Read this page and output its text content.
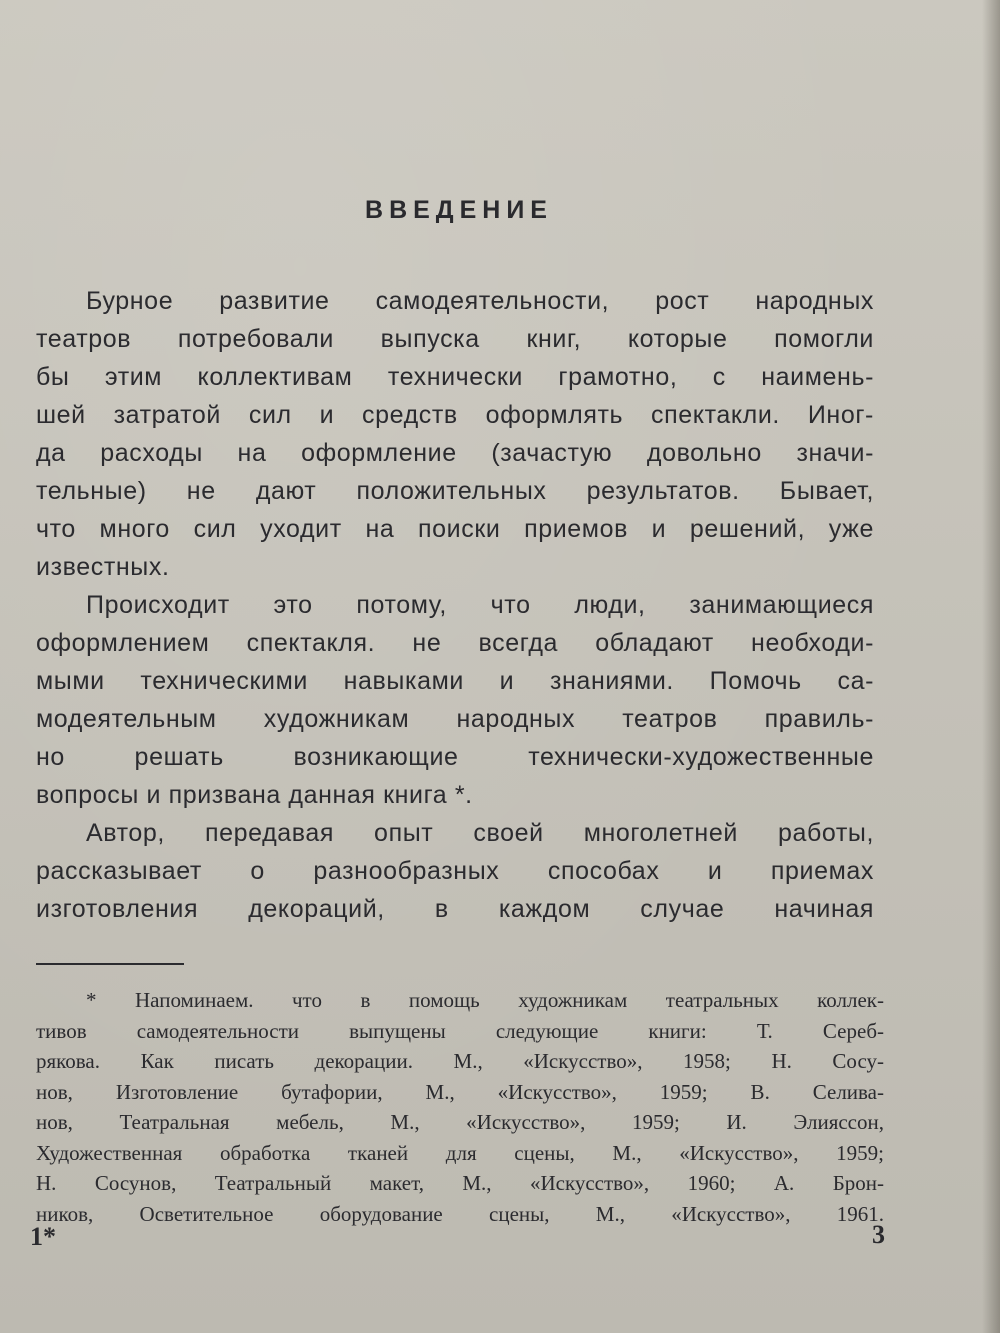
ВВЕДЕНИЕ
Бурное развитие самодеятельности, рост народных
театров потребовали выпуска книг, которые помогли
бы этим коллективам технически грамотно, с наимень-
шей затратой сил и средств оформлять спектакли. Иног-
да расходы на оформление (зачастую довольно значи-
тельные) не дают положительных результатов. Бывает,
что много сил уходит на поиски приемов и решений, уже
известных.
Происходит это потому, что люди, занимающиеся
оформлением спектакля. не всегда обладают необходи-
мыми техническими навыками и знаниями. Помочь са-
модеятельным художникам народных театров правиль-
но решать возникающие технически-художественные
вопросы и призвана данная книга *.
Автор, передавая опыт своей многолетней работы,
рассказывает о разнообразных способах и приемах
изготовления декораций, в каждом случае начиная
* Напоминаем. что в помощь художникам театральных коллек-
тивов самодеятельности выпущены следующие книги: Т. Сереб-
рякова. Как писать декорации. М., «Искусство», 1958; Н. Сосу-
нов, Изготовление бутафории, М., «Искусство», 1959; В. Селива-
нов, Театральная мебель, М., «Искусство», 1959; И. Элияссон,
Художественная обработка тканей для сцены, М., «Искусство», 1959;
Н. Сосунов, Театральный макет, М., «Искусство», 1960; А. Брон-
ников, Осветительное оборудование сцены, М., «Искусство», 1961.
1*	3
